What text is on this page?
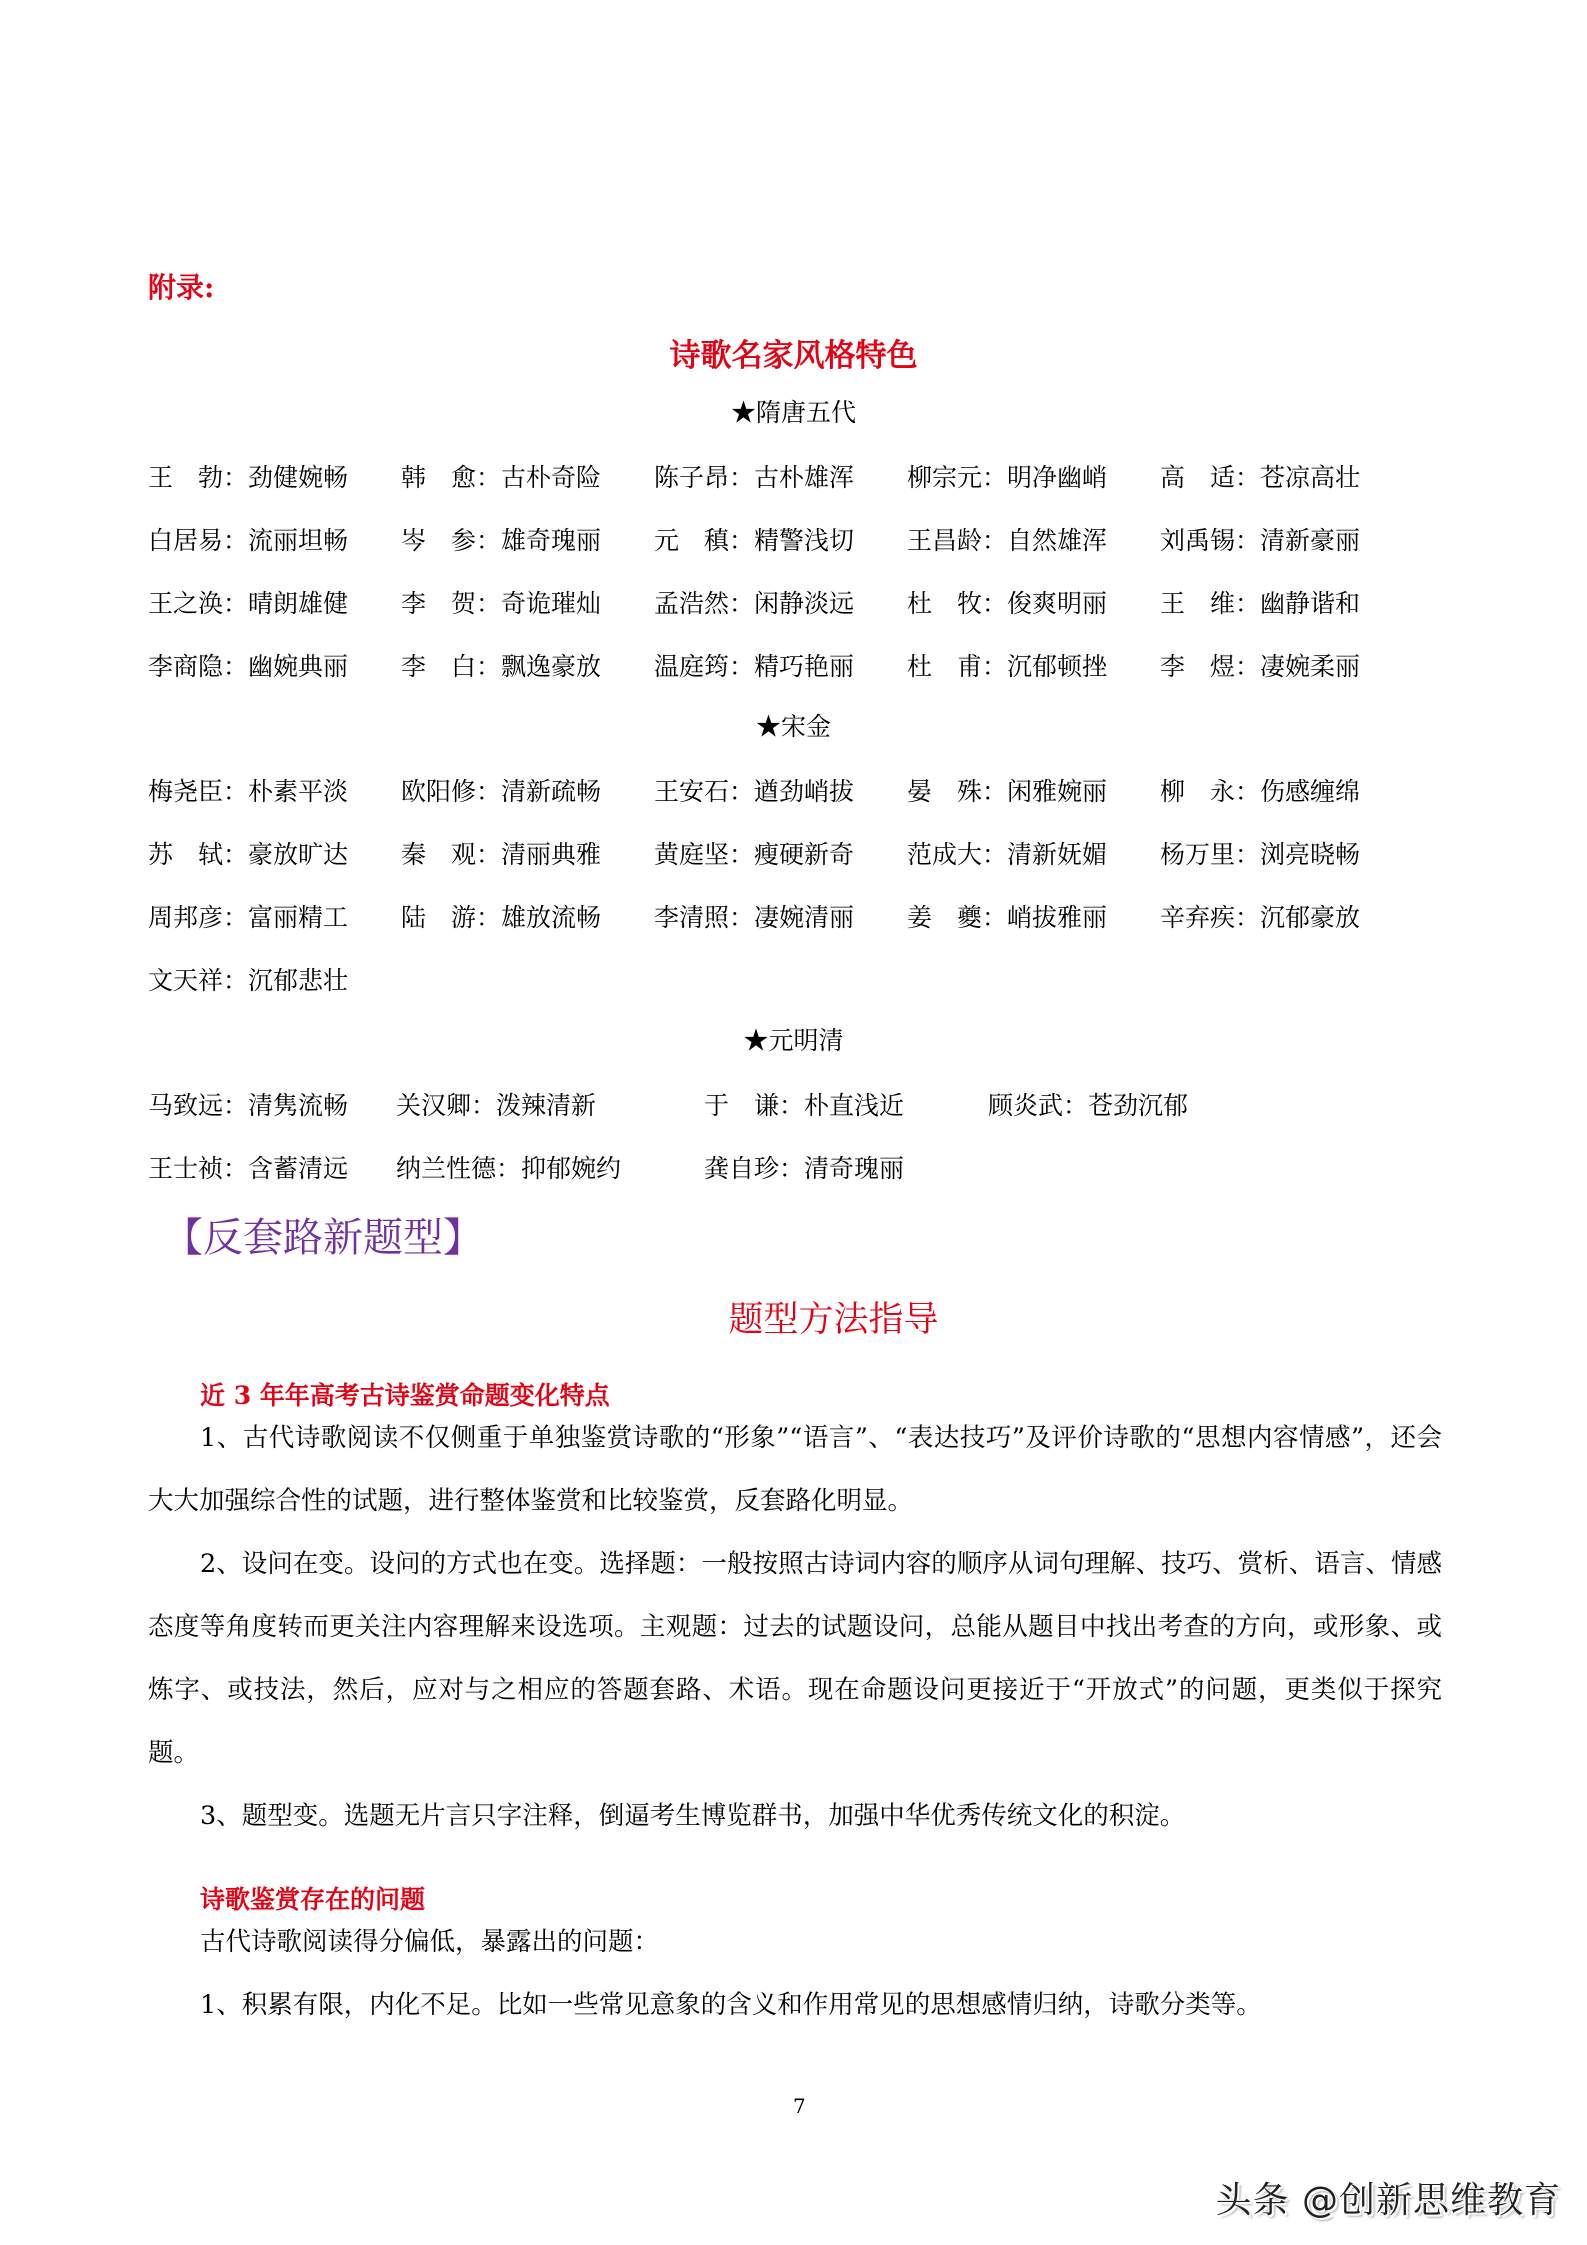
附录:
诗歌名家风格特色
★隋唐五代
王　勃：劲健婉畅 韩　愈：古朴奇险 陈子昂：古朴雄浑 柳宗元：明净幽峭 高　适：苍凉高壮
白居易：流丽坦畅 岑　参：雄奇瑰丽 元　稹：精警浅切 王昌龄：自然雄浑 刘禹锡：清新豪丽
王之涣：晴朗雄健 李　贺：奇诡璀灿 孟浩然：闲静淡远 杜　牧：俊爽明丽 王　维：幽静谐和
李商隐：幽婉典丽 李　白：飘逸豪放 温庭筠：精巧艳丽 杜　甫：沉郁顿挫 李　煜：凄婉柔丽
★宋金
梅尧臣：朴素平淡 欧阳修：清新疏畅 王安石：遒劲峭拔 晏　殊：闲雅婉丽 柳　永：伤感缠绵
苏　轼：豪放旷达 秦　观：清丽典雅 黄庭坚：瘦硬新奇 范成大：清新妩媚 杨万里：浏亮晓畅
周邦彦：富丽精工 陆　游：雄放流畅 李清照：凄婉清丽 姜　夔：峭拔雅丽 辛弃疾：沉郁豪放
文天祥：沉郁悲壮
★元明清
马致远：清隽流畅 关汉卿：泼辣清新	于　谦：朴直浅近	顾炎武：苍劲沉郁
王士祯：含蓄清远 纳兰性德：抑郁婉约	龚自珍：清奇瑰丽
【反套路新题型】
题型方法指导
近 3 年年高考古诗鉴赏命题变化特点

1、古代诗歌阅读不仅侧重于单独鉴赏诗歌的“形象”“语言”、“表达技巧”及评价诗歌的“思想内容情感”，还会大大加强综合性的试题，进行整体鉴赏和比较鉴赏，反套路化明显。

2、设问在变。设问的方式也在变。选择题：一般按照古诗词内容的顺序从词句理解、技巧、赏析、语言、情感态度等角度转而更关注内容理解来设选项。主观题：过去的试题设问，总能从题目中找出考查的方向，或形象、或炼字、或技法，然后，应对与之相应的答题套路、术语。现在命题设问更接近于“开放式”的问题，更类似于探究题。

3、题型变。选题无片言只字注释，倒逼考生博览群书，加强中华优秀传统文化的积淀。

诗歌鉴赏存在的问题

古代诗歌阅读得分偏低，暴露出的问题：

1、积累有限，内化不足。比如一些常见意象的含义和作用常见的思想感情归纳，诗歌分类等。

7
头条 @创新思维教育
